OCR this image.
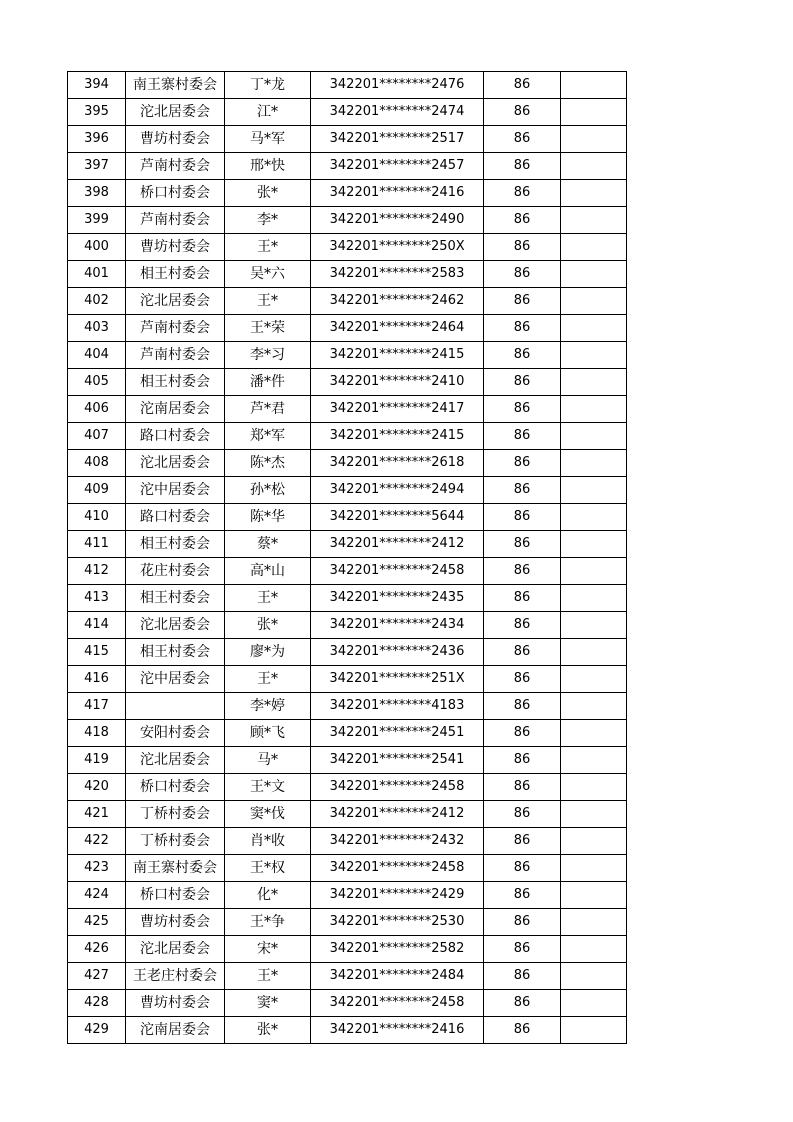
394	南王寨村委会	丁*龙	342201********2476	86	
395	沱北居委会	江*	342201********2474	86	
396	曹坊村委会	马*军	342201********2517	86	
397	芦南村委会	邢*快	342201********2457	86	
398	桥口村委会	张*	342201********2416	86	
399	芦南村委会	李*	342201********2490	86	
400	曹坊村委会	王*	342201********250X	86	
401	相王村委会	吴*六	342201********2583	86	
402	沱北居委会	王*	342201********2462	86	
403	芦南村委会	王*荣	342201********2464	86	
404	芦南村委会	李*习	342201********2415	86	
405	相王村委会	潘*件	342201********2410	86	
406	沱南居委会	芦*君	342201********2417	86	
407	路口村委会	郑*军	342201********2415	86	
408	沱北居委会	陈*杰	342201********2618	86	
409	沱中居委会	孙*松	342201********2494	86	
410	路口村委会	陈*华	342201********5644	86	
411	相王村委会	蔡*	342201********2412	86	
412	花庄村委会	高*山	342201********2458	86	
413	相王村委会	王*	342201********2435	86	
414	沱北居委会	张*	342201********2434	86	
415	相王村委会	廖*为	342201********2436	86	
416	沱中居委会	王*	342201********251X	86	
417		李*婷	342201********4183	86	
418	安阳村委会	顾*飞	342201********2451	86	
419	沱北居委会	马*	342201********2541	86	
420	桥口村委会	王*文	342201********2458	86	
421	丁桥村委会	窦*伐	342201********2412	86	
422	丁桥村委会	肖*收	342201********2432	86	
423	南王寨村委会	王*权	342201********2458	86	
424	桥口村委会	化*	342201********2429	86	
425	曹坊村委会	王*争	342201********2530	86	
426	沱北居委会	宋*	342201********2582	86	
427	王老庄村委会	王*	342201********2484	86	
428	曹坊村委会	窦*	342201********2458	86	
429	沱南居委会	张*	342201********2416	86	
